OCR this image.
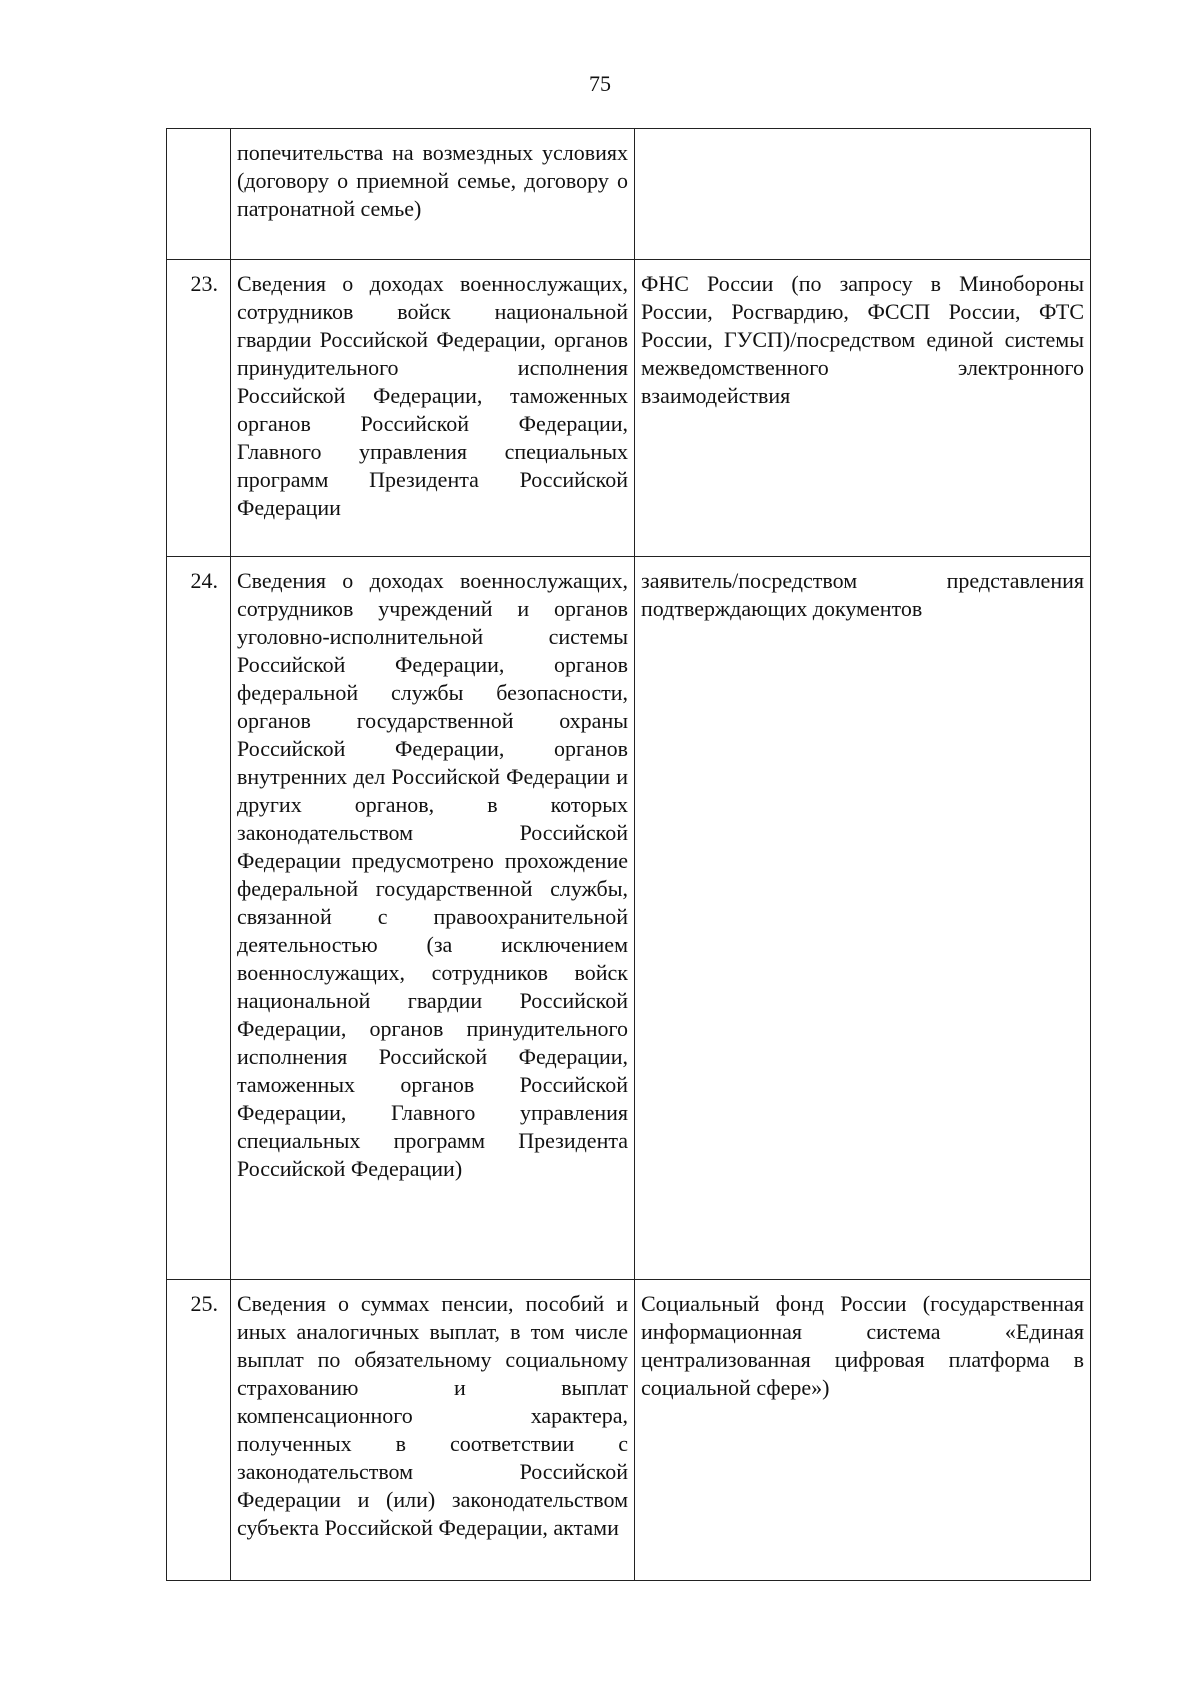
75
	попечительства на возмездных условиях (договору о приемной семье, договору о патронатной семье)	
23.	Сведения о доходах военнослужащих, сотрудников войск национальной гвардии Российской Федерации, органов принудительного исполнения Российской Федерации, таможенных органов Российской Федерации, Главного управления специальных программ Президента Российской Федерации	ФНС России (по запросу в Минобороны России, Росгвардию, ФССП России, ФТС России, ГУСП)/посредством единой системы межведомственного электронного взаимодействия
24.	Сведения о доходах военнослужащих, сотрудников учреждений и органов уголовно-исполнительной системы Российской Федерации, органов федеральной службы безопасности, органов государственной охраны Российской Федерации, органов внутренних дел Российской Федерации и других органов, в которых законодательством Российской Федерации предусмотрено прохождение федеральной государственной службы, связанной с правоохранительной деятельностью (за исключением военнослужащих, сотрудников войск национальной гвардии Российской Федерации, органов принудительного исполнения Российской Федерации, таможенных органов Российской Федерации, Главного управления специальных программ Президента Российской Федерации)	заявитель/посредством представления подтверждающих документов
25.	Сведения о суммах пенсии, пособий и иных аналогичных выплат, в том числе выплат по обязательному социальному страхованию и выплат компенсационного характера, полученных в соответствии с законодательством Российской Федерации и (или) законодательством субъекта Российской Федерации, актами	Социальный фонд России (государственная информационная система «Единая централизованная цифровая платформа в социальной сфере»)
